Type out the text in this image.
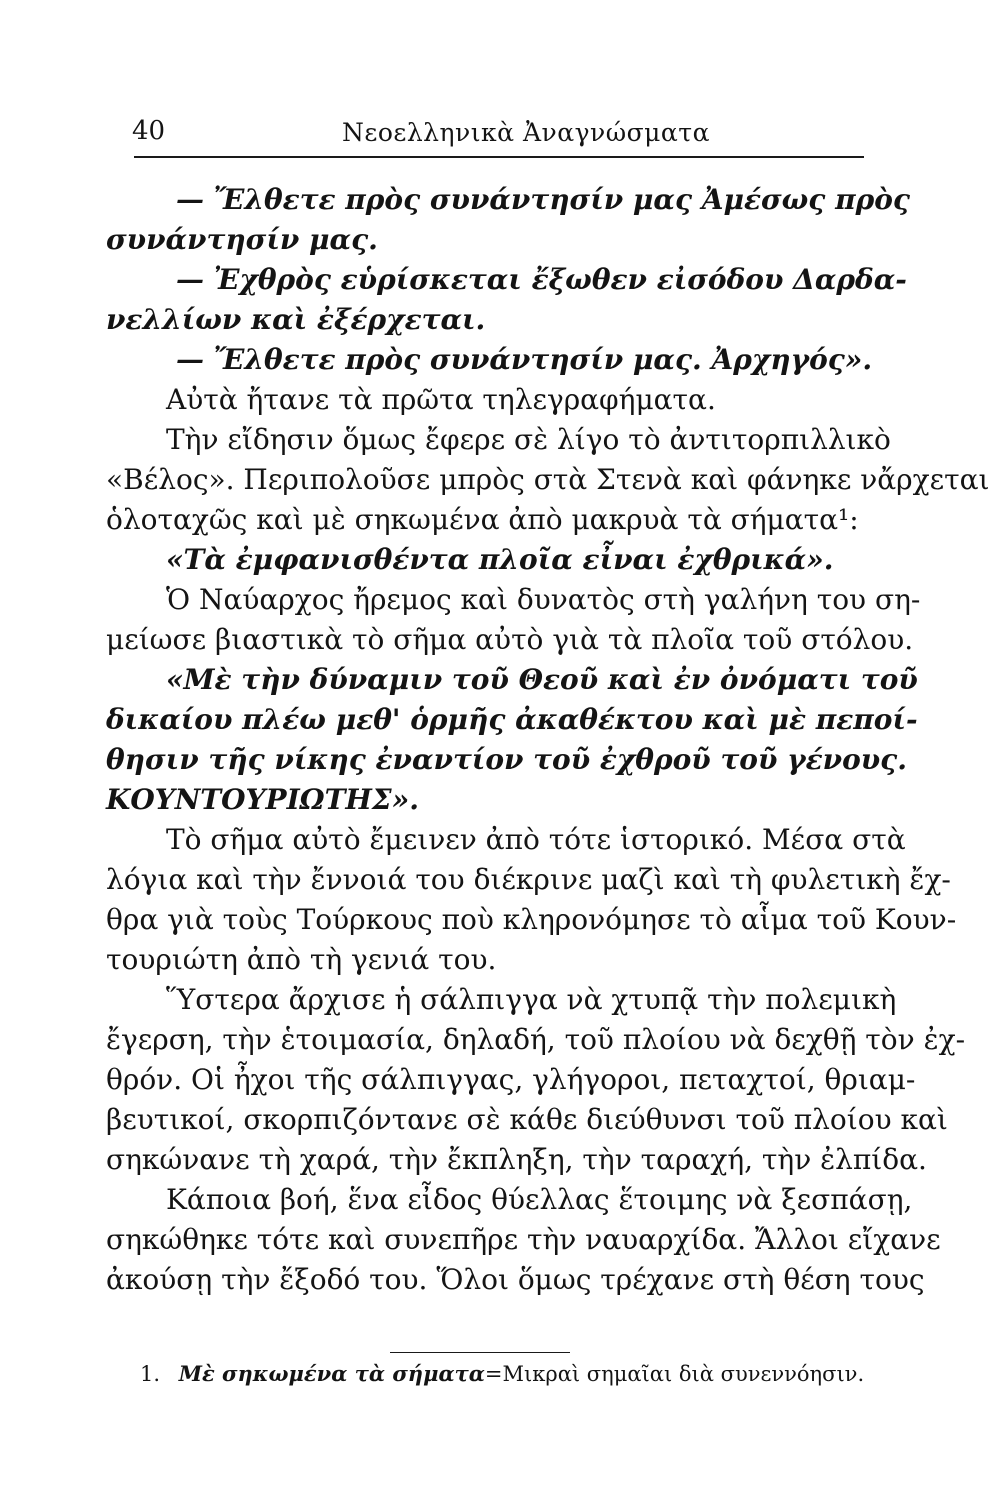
40	Νεοελληνικὰ Ἀναγνώσματα

— Ἔλθετε πρὸς συνάντησίν μας Ἀμέσως πρὸς

συνάντησίν μας.

— Ἐχθρὸς εὑρίσκεται ἔξωθεν εἰσόδου Δαρδα-

νελλίων καὶ ἐξέρχεται.

— Ἔλθετε πρὸς συνάντησίν μας. Ἀρχηγός».

Αὐτὰ ἤτανε τὰ πρῶτα τηλεγραφήματα.

Τὴν εἴδησιν ὅμως ἔφερε σὲ λίγο τὸ ἀντιτορπιλλικὸ

«Βέλος». Περιπολοῦσε μπρὸς στὰ Στενὰ καὶ φάνηκε νἄρχεται

ὁλοταχῶς καὶ μὲ σηκωμένα ἀπὸ μακρυὰ τὰ σήματα¹:

«Τὰ ἐμφανισθέντα πλοῖα εἶναι ἐχθρικά».

Ὁ Ναύαρχος ἤρεμος καὶ δυνατὸς στὴ γαλήνη του ση-

μείωσε βιαστικὰ τὸ σῆμα αὐτὸ γιὰ τὰ πλοῖα τοῦ στόλου.

«Μὲ τὴν δύναμιν τοῦ Θεοῦ καὶ ἐν ὀνόματι τοῦ

δικαίου πλέω μεθ' ὁρμῆς ἀκαθέκτου καὶ μὲ πεποί-

θησιν τῆς νίκης ἐναντίον τοῦ ἐχθροῦ τοῦ γένους.

ΚΟΥΝΤΟΥΡΙΩΤΗΣ».

Τὸ σῆμα αὐτὸ ἔμεινεν ἀπὸ τότε ἱστορικό. Μέσα στὰ

λόγια καὶ τὴν ἔννοιά του διέκρινε μαζὶ καὶ τὴ φυλετικὴ ἔχ-

θρα γιὰ τοὺς Τούρκους ποὺ κληρονόμησε τὸ αἷμα τοῦ Κουν-

τουριώτη ἀπὸ τὴ γενιά του.

Ὕστερα ἄρχισε ἡ σάλπιγγα νὰ χτυπᾷ τὴν πολεμικὴ

ἔγερση, τὴν ἑτοιμασία, δηλαδή, τοῦ πλοίου νὰ δεχθῇ τὸν ἐχ-

θρόν. Οἱ ἦχοι τῆς σάλπιγγας, γλήγοροι, πεταχτοί, θριαμ-

βευτικοί, σκορπιζόντανε σὲ κάθε διεύθυνσι τοῦ πλοίου καὶ

σηκώνανε τὴ χαρά, τὴν ἔκπληξη, τὴν ταραχή, τὴν ἐλπίδα.

Κάποια βοή, ἕνα εἶδος θύελλας ἕτοιμης νὰ ξεσπάσῃ,

σηκώθηκε τότε καὶ συνεπῆρε τὴν ναυαρχίδα. Ἄλλοι εἴχανε

ἀκούσῃ τὴν ἔξοδό του. Ὅλοι ὅμως τρέχανε στὴ θέση τους

1. Μὲ σηκωμένα τὰ σήματα=Μικραὶ σημαῖαι διὰ συνεννόησιν.
